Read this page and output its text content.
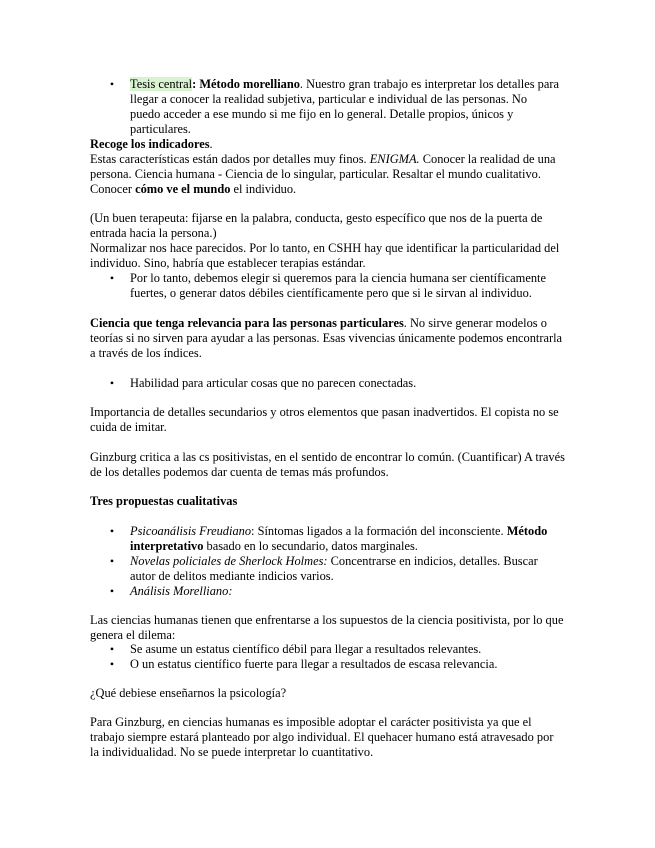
• Tesis central: Método morelliano. Nuestro gran trabajo es interpretar los detalles para llegar a conocer la realidad subjetiva, particular e individual de las personas. No puedo acceder a ese mundo si me fijo en lo general. Detalle propios, únicos y particulares.

Recoge los indicadores.

Estas características están dados por detalles muy finos. ENIGMA. Conocer la realidad de una persona. Ciencia humana - Ciencia de lo singular, particular. Resaltar el mundo cualitativo. Conocer cómo ve el mundo el individuo.

(Un buen terapeuta: fijarse en la palabra, conducta, gesto específico que nos de la puerta de entrada hacia la persona.)

Normalizar nos hace parecidos. Por lo tanto, en CSHH hay que identificar la particularidad del individuo. Sino, habría que establecer terapias estándar.

• Por lo tanto, debemos elegir si queremos para la ciencia humana ser científicamente fuertes, o generar datos débiles científicamente pero que si le sirvan al individuo.

Ciencia que tenga relevancia para las personas particulares. No sirve generar modelos o teorías si no sirven para ayudar a las personas. Esas vivencias únicamente podemos encontrarla a través de los índices.

• Habilidad para articular cosas que no parecen conectadas.

Importancia de detalles secundarios y otros elementos que pasan inadvertidos. El copista no se cuida de imitar.

Ginzburg critica a las cs positivistas, en el sentido de encontrar lo común. (Cuantificar) A través de los detalles podemos dar cuenta de temas más profundos.

Tres propuestas cualitativas

• Psicoanálisis Freudiano: Síntomas ligados a la formación del inconsciente. Método interpretativo basado en lo secundario, datos marginales.

• Novelas policiales de Sherlock Holmes: Concentrarse en indicios, detalles. Buscar autor de delitos mediante indicios varios.

• Análisis Morelliano:

Las ciencias humanas tienen que enfrentarse a los supuestos de la ciencia positivista, por lo que genera el dilema:

• Se asume un estatus científico débil para llegar a resultados relevantes.

• O un estatus científico fuerte para llegar a resultados de escasa relevancia.

¿Qué debiese enseñarnos la psicología?

Para Ginzburg, en ciencias humanas es imposible adoptar el carácter positivista ya que el trabajo siempre estará planteado por algo individual. El quehacer humano está atravesado por la individualidad. No se puede interpretar lo cuantitativo.
